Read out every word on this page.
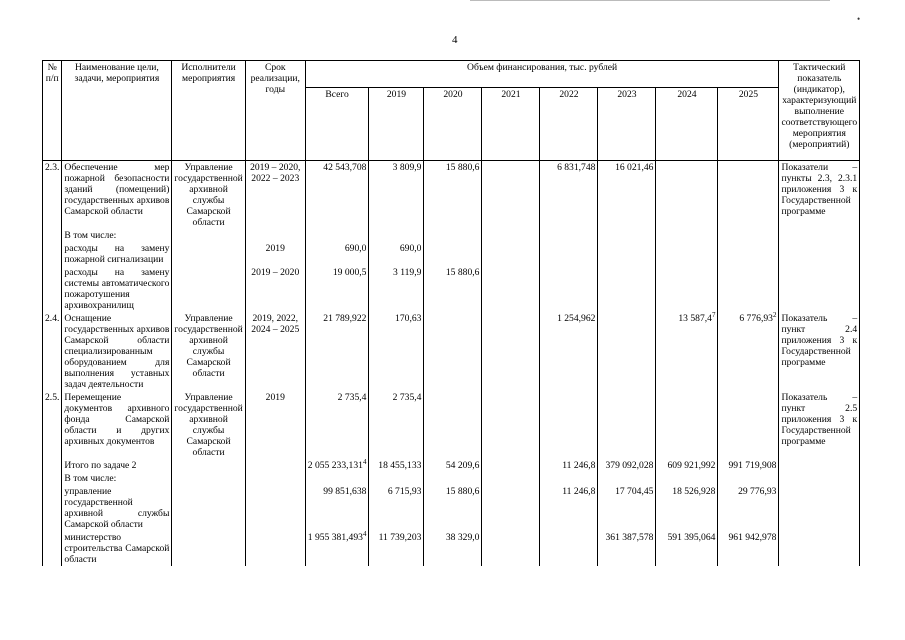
•
4
№ п/п	Наименование цели, задачи, мероприятия	Исполнители мероприятия	Срок реализации, годы	Объем финансирования, тыс. рублей								Тактический показатель (индикатор), характеризующий выполнение соответствующего мероприятия (мероприятий)
				Всего	2019	2020	2021	2022	2023	2024	2025	
2.3.	Обеспечение мер пожарной безопасности зданий (помещений) государственных архивов Самарской области	Управление государственной архивной службы Самарской области	2019 – 2020, 2022 – 2023	42 543,708	3 809,9	15 880,6		6 831,748	16 021,46			Показатели – пункты 2.3, 2.3.1 приложения 3 к Государственной программе
	В том числе:											
	расходы на замену пожарной сигнализации		2019	690,0	690,0							
	расходы на замену системы автоматического пожаротушения архивохранилищ		2019 – 2020	19 000,5	3 119,9	15 880,6						
2.4.	Оснащение государственных архивов Самарской области специализированным оборудованием для выполнения уставных задач деятельности	Управление государственной архивной службы Самарской области	2019, 2022, 2024 – 2025	21 789,922	170,63			1 254,962		13 587,4$^7$	6 776,93$^2$	Показатель – пункт 2.4 приложения 3 к Государственной программе
2.5.	Перемещение документов архивного фонда Самарской области и других архивных документов	Управление государственной архивной службы Самарской области	2019	2 735,4	2 735,4							Показатель – пункт 2.5 приложения 3 к Государственной программе
	Итого по задаче 2			2 055 233,131$^4$	18 455,133	54 209,6		11 246,8	379 092,028	609 921,992	991 719,908	
	В том числе:											
	управление государственной архивной службы Самарской области			99 851,638	6 715,93	15 880,6		11 246,8	17 704,45	18 526,928	29 776,93	
	министерство строительства Самарской области			1 955 381,493$^4$	11 739,203	38 329,0			361 387,578	591 395,064	961 942,978	
